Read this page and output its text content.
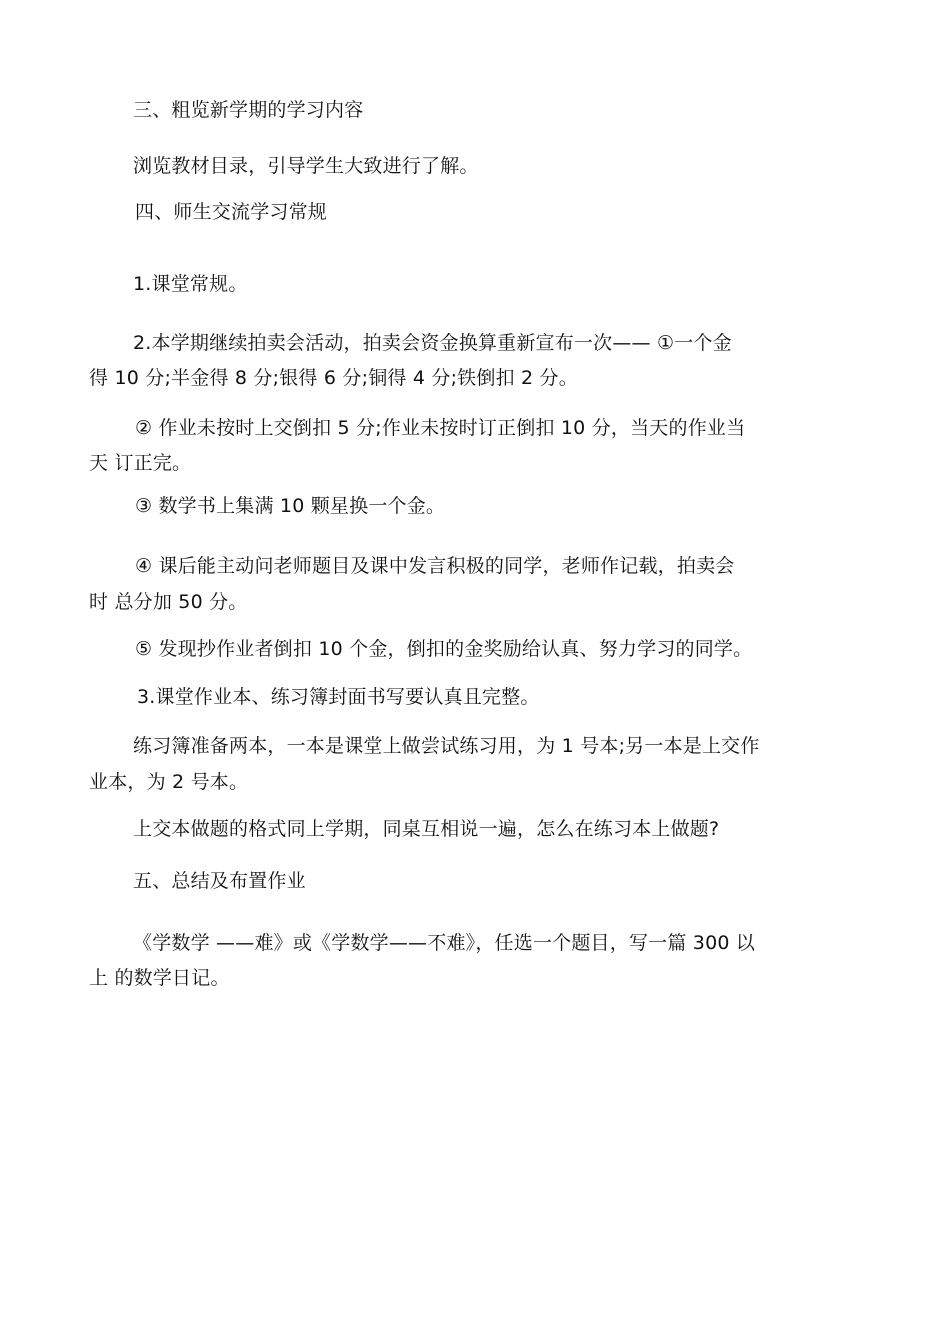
三、粗览新学期的学习内容
浏览教材目录，引导学生大致进行了解。
四、师生交流学习常规
1.课堂常规。
2.本学期继续拍卖会活动，拍卖会资金换算重新宣布一次—— ①一个金
得 10 分;半金得 8 分;银得 6 分;铜得 4 分;铁倒扣 2 分。
② 作业未按时上交倒扣 5 分;作业未按时订正倒扣 10 分，当天的作业当
天 订正完。
③ 数学书上集满 10 颗星换一个金。
④ 课后能主动问老师题目及课中发言积极的同学，老师作记载，拍卖会
时 总分加 50 分。
⑤ 发现抄作业者倒扣 10 个金，倒扣的金奖励给认真、努力学习的同学。
3.课堂作业本、练习簿封面书写要认真且完整。
练习簿准备两本，一本是课堂上做尝试练习用，为 1 号本;另一本是上交作
业本，为 2 号本。
上交本做题的格式同上学期，同桌互相说一遍，怎么在练习本上做题?
五、总结及布置作业
《学数学 ——难》或《学数学——不难》，任选一个题目，写一篇 300 以
上 的数学日记。
